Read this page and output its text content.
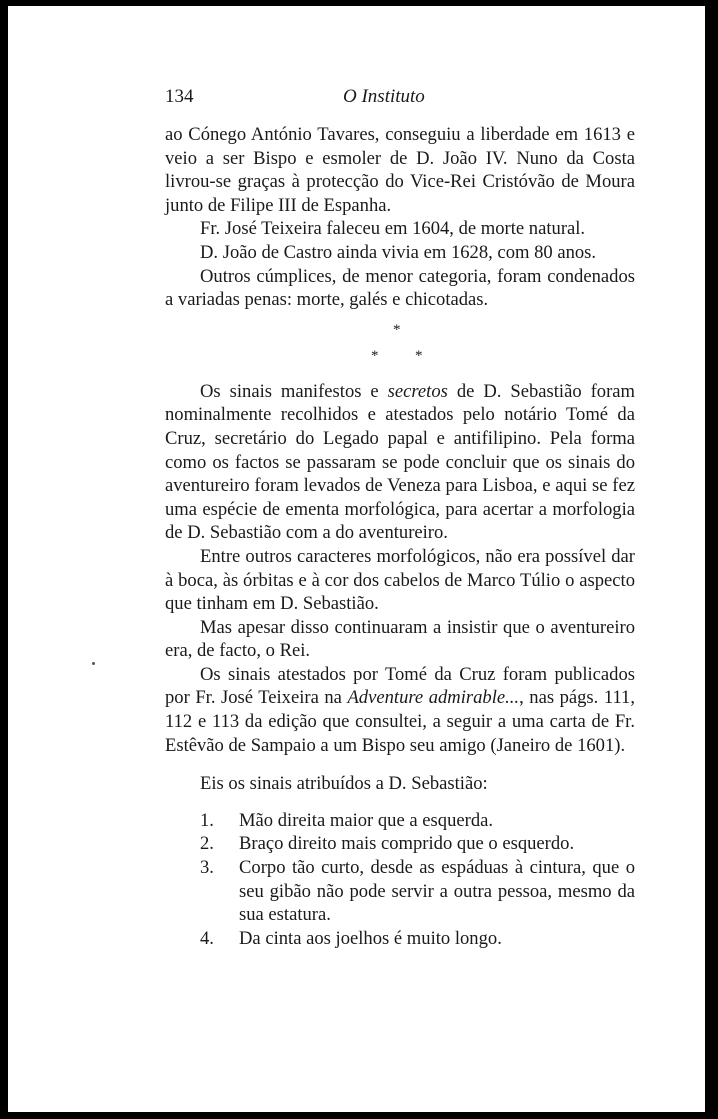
134	O Instituto

ao Cónego António Tavares, conseguiu a liberdade em 1613 e veio a ser Bispo e esmoler de D. João IV. Nuno da Costa livrou-se graças à protecção do Vice-Rei Cristóvão de Moura junto de Filipe III de Espanha.

Fr. José Teixeira faleceu em 1604, de morte natural.

D. João de Castro ainda vivia em 1628, com 80 anos.

Outros cúmplices, de menor categoria, foram condenados a variadas penas: morte, galés e chicotadas.

*
* *

Os sinais manifestos e secretos de D. Sebastião foram nominalmente recolhidos e atestados pelo notário Tomé da Cruz, secretário do Legado papal e antifilipino. Pela forma como os factos se passaram se pode concluir que os sinais do aventureiro foram levados de Veneza para Lisboa, e aqui se fez uma espécie de ementa morfológica, para acertar a morfologia de D. Sebastião com a do aventureiro.

Entre outros caracteres morfológicos, não era possível dar à boca, às órbitas e à cor dos cabelos de Marco Túlio o aspecto que tinham em D. Sebastião.

Mas apesar disso continuaram a insistir que o aventureiro era, de facto, o Rei.

Os sinais atestados por Tomé da Cruz foram publicados por Fr. José Teixeira na Adventure admirable..., nas págs. 111, 112 e 113 da edição que consultei, a seguir a uma carta de Fr. Estêvão de Sampaio a um Bispo seu amigo (Janeiro de 1601).

Eis os sinais atribuídos a D. Sebastião:

1. Mão direita maior que a esquerda.
2. Braço direito mais comprido que o esquerdo.
3. Corpo tão curto, desde as espáduas à cintura, que o seu gibão não pode servir a outra pessoa, mesmo da sua estatura.
4. Da cinta aos joelhos é muito longo.
